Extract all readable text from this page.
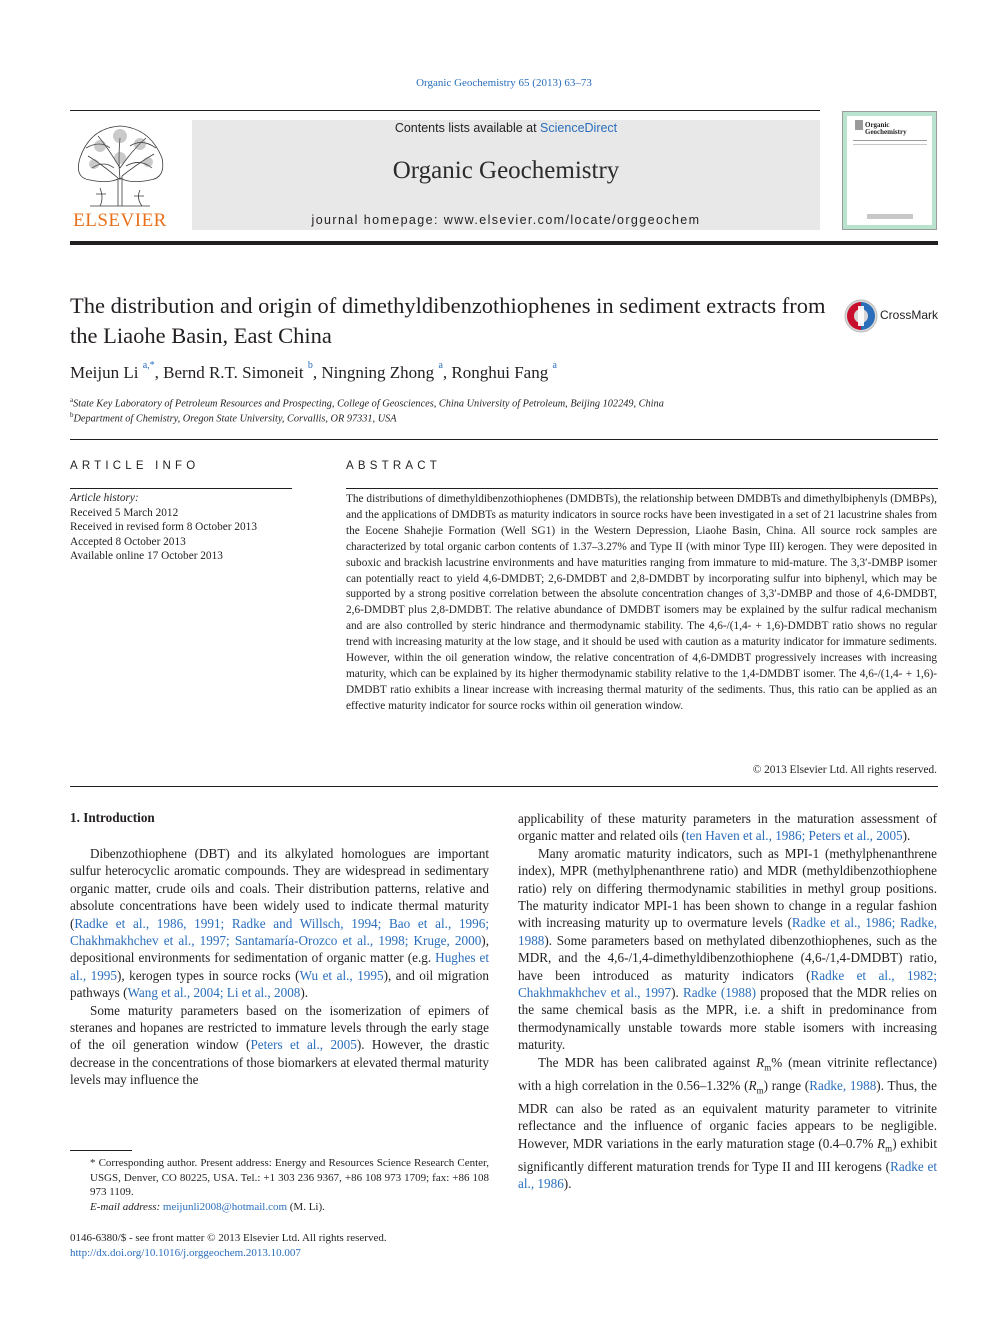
Organic Geochemistry 65 (2013) 63–73
ELSEVIER
Contents lists available at ScienceDirect
Organic Geochemistry
journal homepage: www.elsevier.com/locate/orggeochem
Organic Geochemistry
The distribution and origin of dimethyldibenzothiophenes in sediment extracts from the Liaohe Basin, East China
CrossMark
Meijun Li $^{a,*}$, Bernd R.T. Simoneit $^b$, Ningning Zhong $^a$, Ronghui Fang $^a$
$^a$State Key Laboratory of Petroleum Resources and Prospecting, College of Geosciences, China University of Petroleum, Beijing 102249, China
$^b$Department of Chemistry, Oregon State University, Corvallis, OR 97331, USA
ARTICLE INFO	ABSTRACT
Article history:
Received 5 March 2012
Received in revised form 8 October 2013
Accepted 8 October 2013
Available online 17 October 2013
The distributions of dimethyldibenzothiophenes (DMDBTs), the relationship between DMDBTs and dimethylbiphenyls (DMBPs), and the applications of DMDBTs as maturity indicators in source rocks have been investigated in a set of 21 lacustrine shales from the Eocene Shahejie Formation (Well SG1) in the Western Depression, Liaohe Basin, China. All source rock samples are characterized by total organic carbon contents of 1.37–3.27% and Type II (with minor Type III) kerogen. They were deposited in suboxic and brackish lacustrine environments and have maturities ranging from immature to mid-mature. The 3,3′-DMBP isomer can potentially react to yield 4,6-DMDBT; 2,6-DMDBT and 2,8-DMDBT by incorporating sulfur into biphenyl, which may be supported by a strong positive correlation between the absolute concentration changes of 3,3′-DMBP and those of 4,6-DMDBT, 2,6-DMDBT plus 2,8-DMDBT. The relative abundance of DMDBT isomers may be explained by the sulfur radical mechanism and are also controlled by steric hindrance and thermodynamic stability. The 4,6-/(1,4- + 1,6)-DMDBT ratio shows no regular trend with increasing maturity at the low stage, and it should be used with caution as a maturity indicator for immature sediments. However, within the oil generation window, the relative concentration of 4,6-DMDBT progressively increases with increasing maturity, which can be explained by its higher thermodynamic stability relative to the 1,4-DMDBT isomer. The 4,6-/(1,4- + 1,6)-DMDBT ratio exhibits a linear increase with increasing thermal maturity of the sediments. Thus, this ratio can be applied as an effective maturity indicator for source rocks within oil generation window.
© 2013 Elsevier Ltd. All rights reserved.
1. Introduction

Dibenzothiophene (DBT) and its alkylated homologues are important sulfur heterocyclic aromatic compounds. They are widespread in sedimentary organic matter, crude oils and coals. Their distribution patterns, relative and absolute concentrations have been widely used to indicate thermal maturity (Radke et al., 1986, 1991; Radke and Willsch, 1994; Bao et al., 1996; Chakhmakhchev et al., 1997; Santamaría-Orozco et al., 1998; Kruge, 2000), depositional environments for sedimentation of organic matter (e.g. Hughes et al., 1995), kerogen types in source rocks (Wu et al., 1995), and oil migration pathways (Wang et al., 2004; Li et al., 2008).

Some maturity parameters based on the isomerization of epimers of steranes and hopanes are restricted to immature levels through the early stage of the oil generation window (Peters et al., 2005). However, the drastic decrease in the concentrations of those biomarkers at elevated thermal maturity levels may influence the

applicability of these maturity parameters in the maturation assessment of organic matter and related oils (ten Haven et al., 1986; Peters et al., 2005).

Many aromatic maturity indicators, such as MPI-1 (methylphenanthrene index), MPR (methylphenanthrene ratio) and MDR (methyldibenzothiophene ratio) rely on differing thermodynamic stabilities in methyl group positions. The maturity indicator MPI-1 has been shown to change in a regular fashion with increasing maturity up to overmature levels (Radke et al., 1986; Radke, 1988). Some parameters based on methylated dibenzothiophenes, such as the MDR, and the 4,6-/1,4-dimethyldibenzothiophene (4,6-/1,4-DMDBT) ratio, have been introduced as maturity indicators (Radke et al., 1982; Chakhmakhchev et al., 1997). Radke (1988) proposed that the MDR relies on the same chemical basis as the MPR, i.e. a shift in predominance from thermodynamically unstable towards more stable isomers with increasing maturity.

The MDR has been calibrated against $R_m\%$ (mean vitrinite reflectance) with a high correlation in the 0.56–1.32% $(R_m)$ range (Radke, 1988). Thus, the MDR can also be rated as an equivalent maturity parameter to vitrinite reflectance and the influence of organic facies appears to be negligible. However, MDR variations in the early maturation stage (0.4–0.7% $R_m$) exhibit significantly different maturation trends for Type II and III kerogens (Radke et al., 1986).

* Corresponding author. Present address: Energy and Resources Science Research Center, USGS, Denver, CO 80225, USA. Tel.: +1 303 236 9367, +86 108 973 1709; fax: +86 108 973 1109.
E-mail address: meijunli2008@hotmail.com (M. Li).
0146-6380/$ - see front matter © 2013 Elsevier Ltd. All rights reserved.
http://dx.doi.org/10.1016/j.orggeochem.2013.10.007
